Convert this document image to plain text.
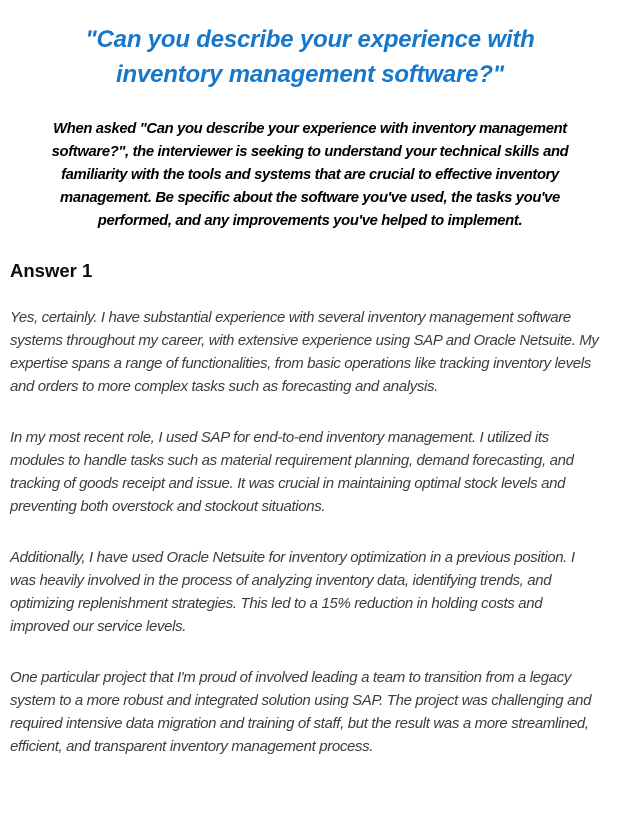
"Can you describe your experience with inventory management software?"

When asked "Can you describe your experience with inventory management software?", the interviewer is seeking to understand your technical skills and familiarity with the tools and systems that are crucial to effective inventory management. Be specific about the software you've used, the tasks you've performed, and any improvements you've helped to implement.

Answer 1

Yes, certainly. I have substantial experience with several inventory management software systems throughout my career, with extensive experience using SAP and Oracle Netsuite. My expertise spans a range of functionalities, from basic operations like tracking inventory levels and orders to more complex tasks such as forecasting and analysis.

In my most recent role, I used SAP for end-to-end inventory management. I utilized its modules to handle tasks such as material requirement planning, demand forecasting, and tracking of goods receipt and issue. It was crucial in maintaining optimal stock levels and preventing both overstock and stockout situations.

Additionally, I have used Oracle Netsuite for inventory optimization in a previous position. I was heavily involved in the process of analyzing inventory data, identifying trends, and optimizing replenishment strategies. This led to a 15% reduction in holding costs and improved our service levels.

One particular project that I'm proud of involved leading a team to transition from a legacy system to a more robust and integrated solution using SAP. The project was challenging and required intensive data migration and training of staff, but the result was a more streamlined, efficient, and transparent inventory management process.
